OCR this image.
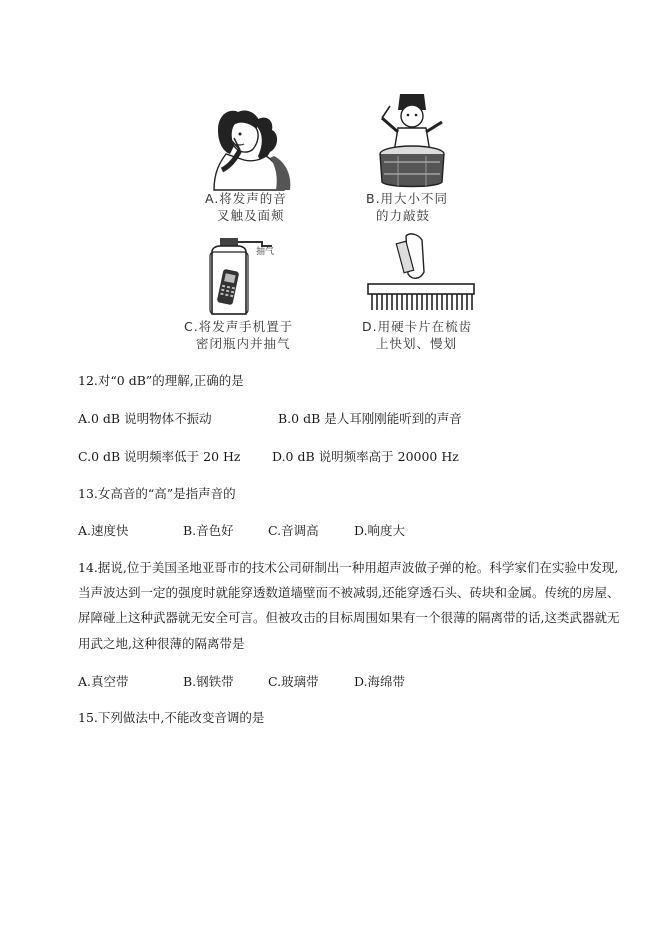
A.将发声的音
叉触及面颊
B.用大小不同
的力敲鼓
抽气
C.将发声手机置于
密闭瓶内并抽气
D.用硬卡片在梳齿
上快划、慢划
12.对“0 dB”的理解,正确的是
A.0 dB 说明物体不振动	B.0 dB 是人耳刚刚能听到的声音
C.0 dB 说明频率低于 20 Hz	D.0 dB 说明频率高于 20000 Hz
13.女高音的“高”是指声音的
A.速度快	B.音色好	C.音调高	D.响度大
14.据说,位于美国圣地亚哥市的技术公司研制出一种用超声波做子弹的枪。科学家们在实验中发现,
当声波达到一定的强度时就能穿透数道墙壁而不被减弱,还能穿透石头、砖块和金属。传统的房屋、
屏障碰上这种武器就无安全可言。但被攻击的目标周围如果有一个很薄的隔离带的话,这类武器就无
用武之地,这种很薄的隔离带是
A.真空带	B.钢铁带	C.玻璃带	D.海绵带
15.下列做法中,不能改变音调的是
